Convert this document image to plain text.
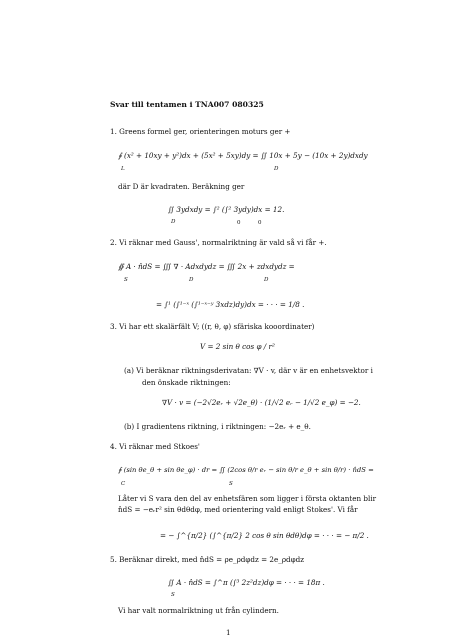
Svar till tentamen i TNA007 080325
1. Greens formel ger, orienteringen moturs ger +
∮ (x² + 10xy + y²)dx + (5x² + 5xy)dy = ∬ 10x + 5y − (10x + 2y)dxdy
L	D
där D är kvadraten. Beräkning ger
∬ 3ydxdy = ∫² (∫² 3ydy)dx = 12.
D	0	0
2. Vi räknar med Gauss', normalriktning är vald så vi får +.
∯ A · n̂dS = ∭ ∇ · Adxdydz = ∭ 2x + zdxdydz =
S	D	D
= ∫¹ (∫¹⁻ˣ (∫¹⁻ˣ⁻ʸ 3xdz)dy)dx = · · · = 1/8 .
3. Vi har ett skalärfält V; ((r, θ, φ) sfäriska kooordinater)
V = 2 sin θ cos φ / r²
(a) Vi beräknar riktningsderivatan: ∇V · v, där v är en enhetsvektor i
den önskade riktningen:
∇V · v = (−2√2eᵣ + √2e_θ) · (1/√2 eᵣ − 1/√2 e_φ) = −2.
(b) I gradientens riktning, i riktningen: −2eᵣ + e_θ.
4. Vi räknar med Stkoes'
∮ (sin θe_θ + sin θe_φ) · dr = ∬ (2cos θ/r eᵣ − sin θ/r e_θ + sin θ/r) · n̂dS =
C	S
Låter vi S vara den del av enhetsfären som ligger i första oktanten blir
n̂dS = −eᵣr² sin θdθdφ, med orientering vald enligt Stokes'. Vi får
= − ∫^{π/2} (∫^{π/2} 2 cos θ sin θdθ)dφ = · · · = − π/2 .
5. Beräknar direkt, med n̂dS = ρe_ρdφdz = 2e_ρdφdz
∬ A · n̂dS = ∫^π (∫³ 2z²dz)dφ = · · · = 18π .
S
Vi har valt normalriktning ut från cylindern.
1
